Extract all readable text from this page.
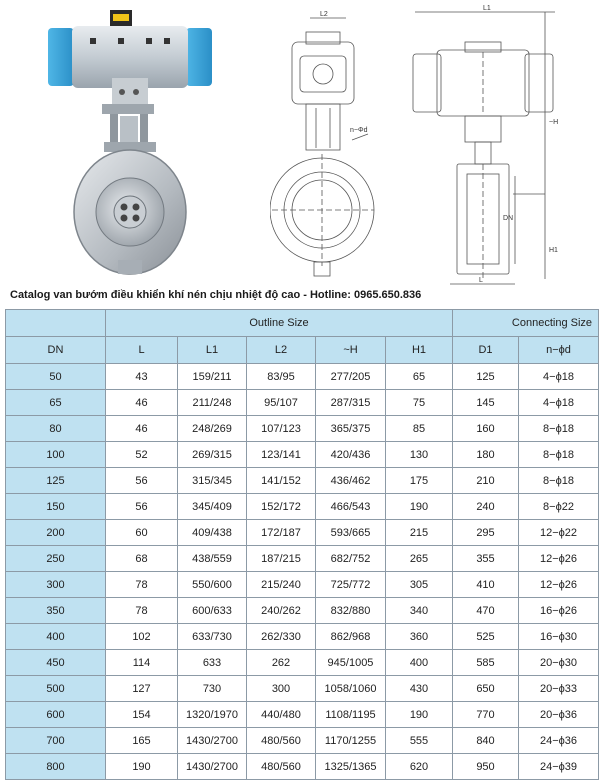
L2
n−Φd
L1
~H
H1
DN
L
Catalog van bướm điều khiển khí nén chịu nhiệt độ cao - Hotline: 0965.650.836
	Outline Size					Connecting Size	
DN	L	L1	L2	~H	H1	D1	n−ϕd
50	43	159/211	83/95	277/205	65	125	4−ϕ18
65	46	211/248	95/107	287/315	75	145	4−ϕ18
80	46	248/269	107/123	365/375	85	160	8−ϕ18
100	52	269/315	123/141	420/436	130	180	8−ϕ18
125	56	315/345	141/152	436/462	175	210	8−ϕ18
150	56	345/409	152/172	466/543	190	240	8−ϕ22
200	60	409/438	172/187	593/665	215	295	12−ϕ22
250	68	438/559	187/215	682/752	265	355	12−ϕ26
300	78	550/600	215/240	725/772	305	410	12−ϕ26
350	78	600/633	240/262	832/880	340	470	16−ϕ26
400	102	633/730	262/330	862/968	360	525	16−ϕ30
450	114	633	262	945/1005	400	585	20−ϕ30
500	127	730	300	1058/1060	430	650	20−ϕ33
600	154	1320/1970	440/480	1108/1195	190	770	20−ϕ36
700	165	1430/2700	480/560	1170/1255	555	840	24−ϕ36
800	190	1430/2700	480/560	1325/1365	620	950	24−ϕ39
